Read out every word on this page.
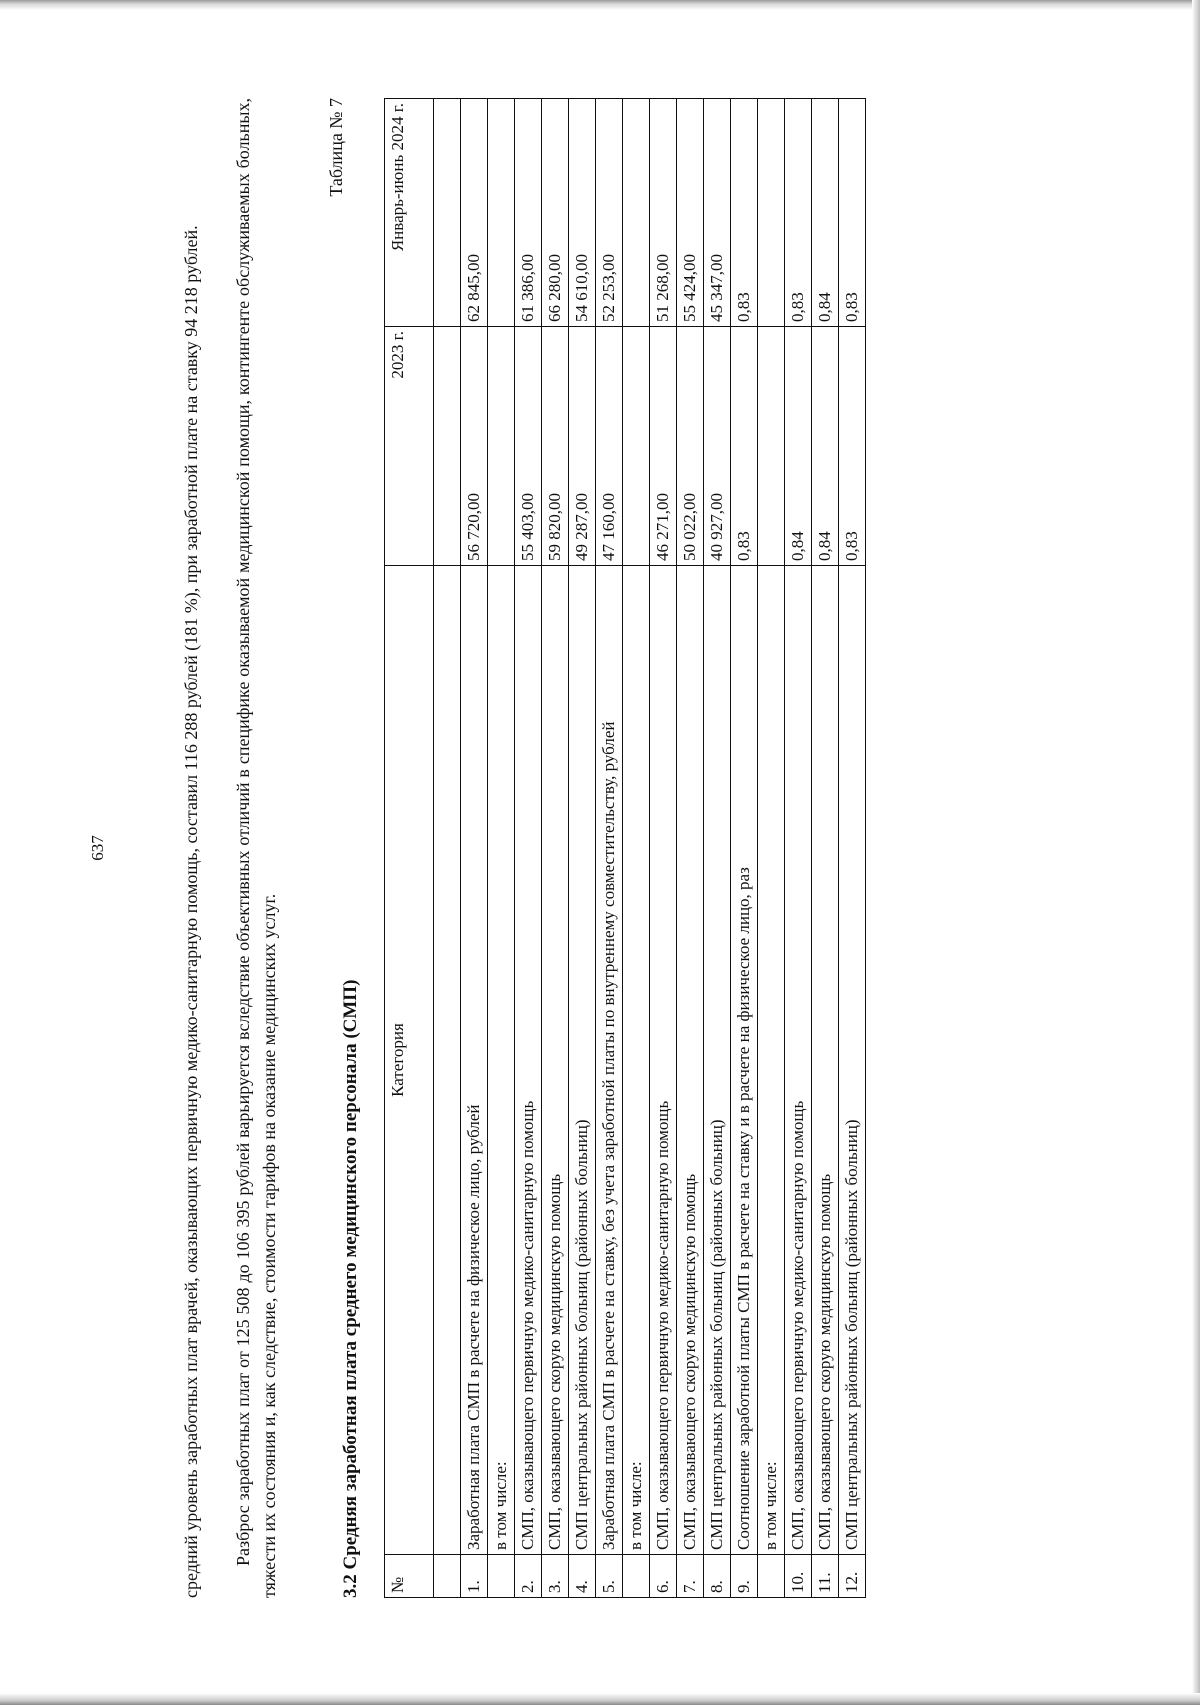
637	средний уровень заработных плат врачей, оказывающих первичную медико-санитарную помощь, составил 116 288 рублей (181 %), при заработной плате на ставку 94 218 рублей. Разброс заработных плат от 125 508 до 106 395 рублей варьируется вследствие объективных отличий в специфике оказываемой медицинской помощи, контингенте обслуживаемых больных, тяжести их состояния и, как следствие, стоимости тарифов на оказание медицинских услуг.

Таблица № 7
3.2 Средняя заработная плата среднего медицинского персонала (СМП) №	Категория	2023 г.	Январь-июнь 2024 г.

1.	Заработная плата СМП в расчете на физическое лицо, рублей	56 720,00	62 845,00
	в том числе:		
2.	СМП, оказывающего первичную медико-санитарную помощь	55 403,00	61 386,00
3.	СМП, оказывающего скорую медицинскую помощь	59 820,00	66 280,00
4.	СМП центральных районных больниц (районных больниц)	49 287,00	54 610,00
5.	Заработная плата СМП в расчете на ставку, без учета заработной платы по внутреннему совместительству, рублей	47 160,00	52 253,00
	в том числе:		
6.	СМП, оказывающего первичную медико-санитарную помощь	46 271,00	51 268,00
7.	СМП, оказывающего скорую медицинскую помощь	50 022,00	55 424,00
8.	СМП центральных районных больниц (районных больниц)	40 927,00	45 347,00
9.	Соотношение заработной платы СМП в расчете на ставку и в расчете на физическое лицо, раз	0,83	0,83
	в том числе:		
10.	СМП, оказывающего первичную медико-санитарную помощь	0,84	0,83
11.	СМП, оказывающего скорую медицинскую помощь	0,84	0,84
12.	СМП центральных районных больниц (районных больниц)	0,83	0,83
